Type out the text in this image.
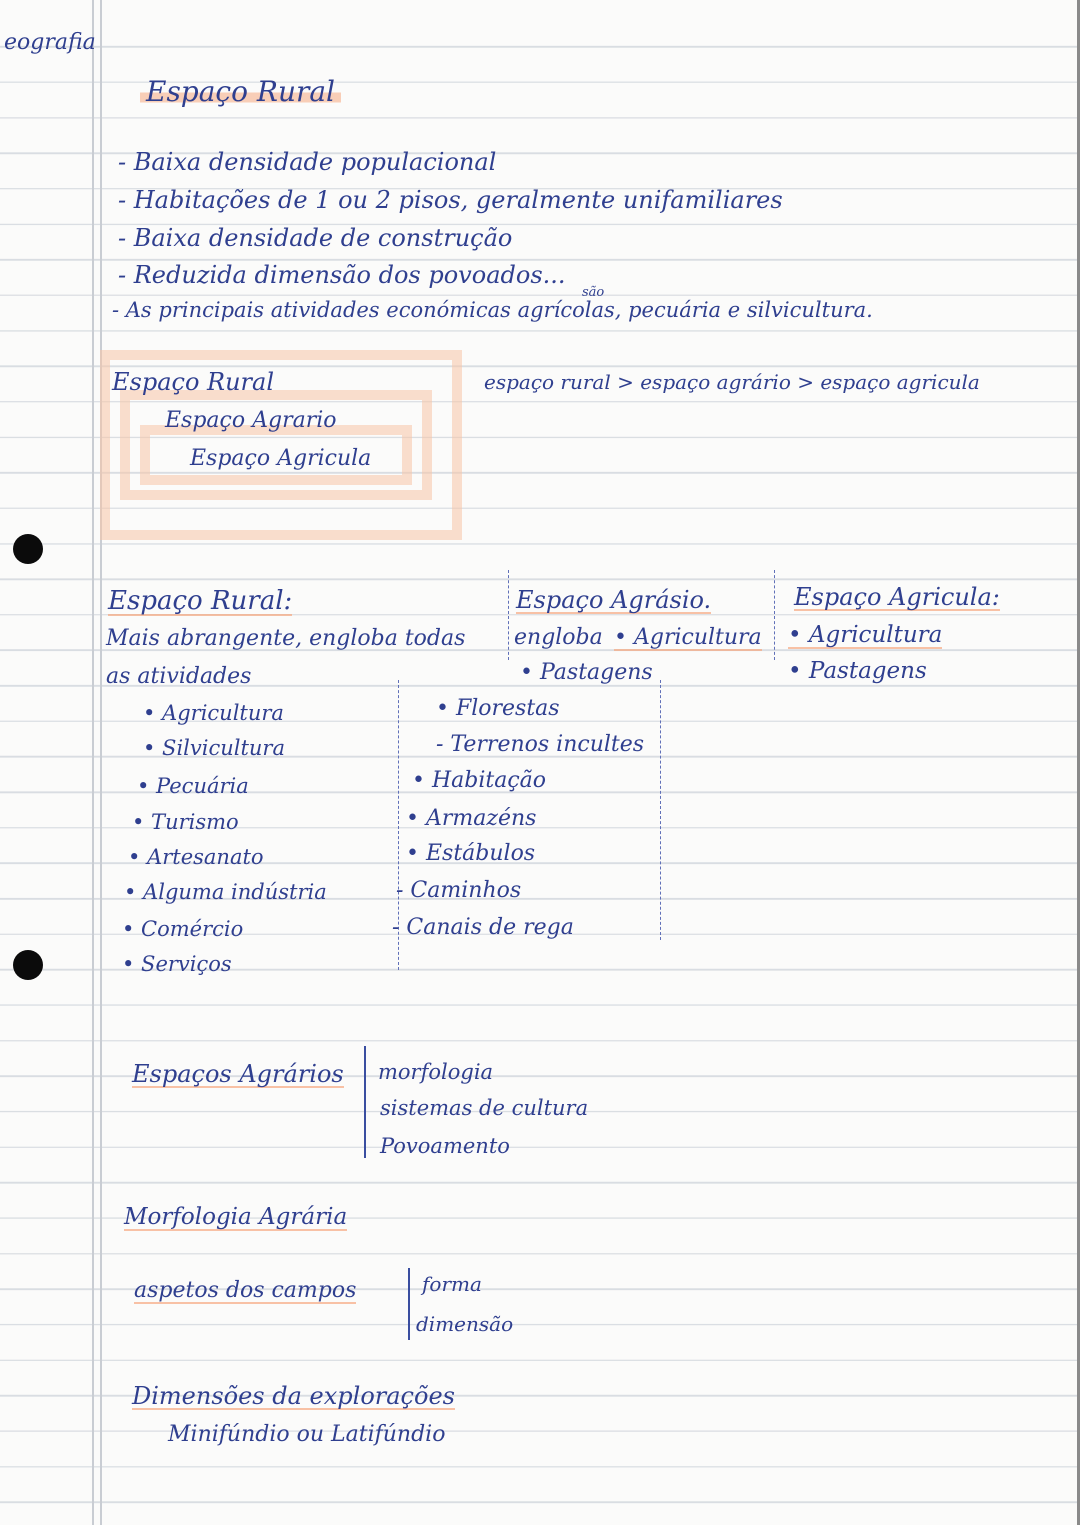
eografia
Espaço Rural
- Baixa densidade populacional
- Habitações de 1 ou 2 pisos, geralmente unifamiliares
- Baixa densidade de construção
- Reduzida dimensão dos povoados...
- As principais atividades económicas agrícolas, pecuária e silvicultura.
são
Espaço Rural
Espaço Agrario
Espaço Agricula
espaço rural > espaço agrário > espaço agricula
Espaço Rural:
Mais abrangente, engloba todas
as atividades
• Agricultura
• Silvicultura
• Pecuária
• Turismo
• Artesanato
• Alguma indústria
• Comércio
• Serviços
Espaço Agrásio.
engloba • Agricultura
• Pastagens
• Florestas
- Terrenos incultes
• Habitação
• Armazéns
• Estábulos
- Caminhos
- Canais de rega
Espaço Agricula:
• Agricultura
• Pastagens
Espaços Agrários morfologia
sistemas de cultura
Povoamento
Morfologia Agrária
aspetos dos campos	forma
dimensão
Dimensões da explorações
Minifúndio ou Latifúndio
